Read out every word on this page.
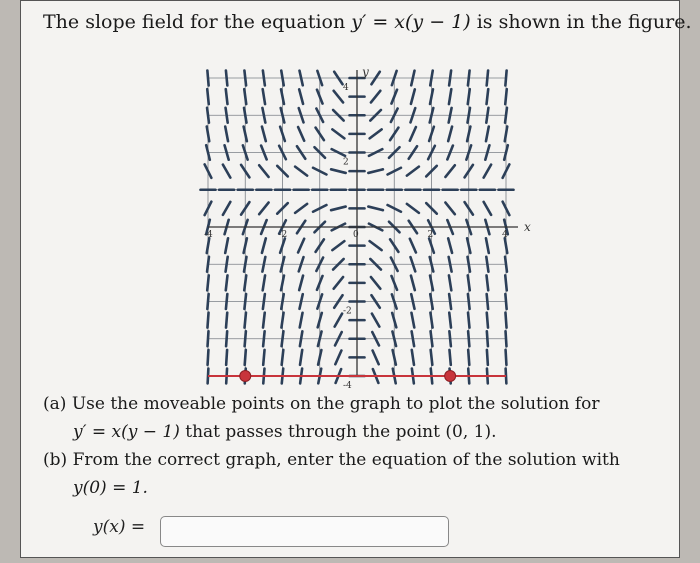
The slope field for the equation y′ = x(y − 1) is shown in the figure.
x
y
-4	-2	0	2	4
4
2
-2
-4
(a) Use the moveable points on the graph to plot the solution for
y′ = x(y − 1) that passes through the point (0, 1).
(b) From the correct graph, enter the equation of the solution with
y(0) = 1.
y(x) =
